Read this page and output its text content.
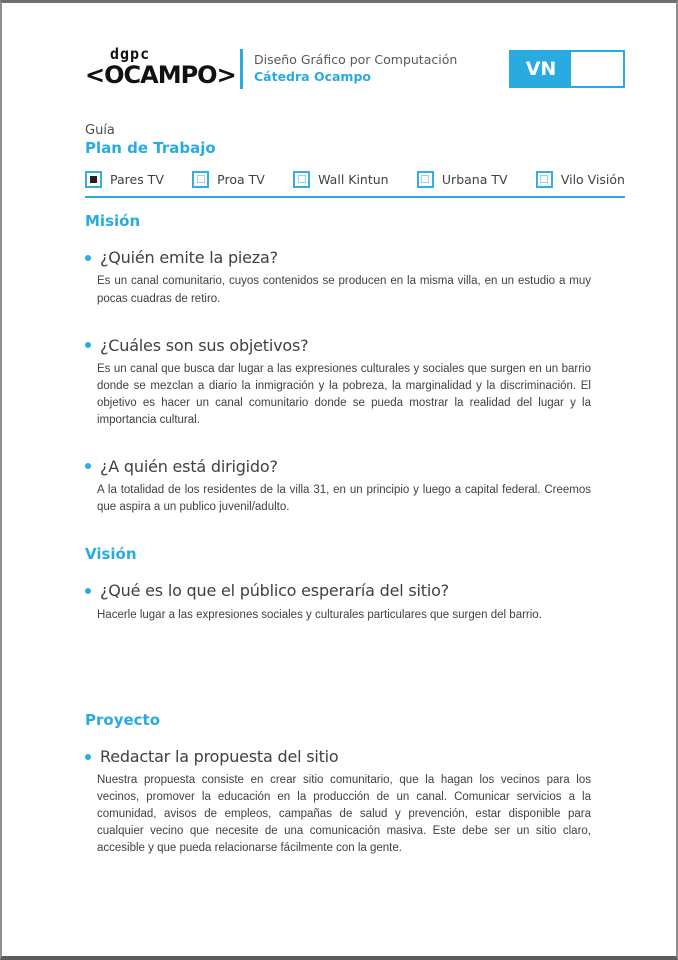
dgpc
<OCAMPO>
Diseño Gráfico por Computación
Cátedra Ocampo	VN
Guía
Plan de Trabajo
Pares TV	Proa TV	Wall Kintun	Urbana TV	Vilo Visión
Misión
¿Quién emite la pieza?

Es un canal comunitario, cuyos contenidos se producen en la misma villa, en un estudio a muy pocas cuadras de retiro.

¿Cuáles son sus objetivos?

Es un canal que busca dar lugar a las expresiones culturales y sociales que surgen en un barrio donde se mezclan a diario la inmigración y la pobreza, la marginalidad y la discriminación. El objetivo es hacer un canal comunitario donde se pueda mostrar la realidad del lugar y la importancia cultural.

¿A quién está dirigido?

A la totalidad de los residentes de la villa 31, en un principio y luego a capital federal. Creemos que aspira a un publico juvenil/adulto.

Visión
¿Qué es lo que el público esperaría del sitio?

Hacerle lugar a las expresiones sociales y culturales particulares que surgen del barrio.

Proyecto
Redactar la propuesta del sitio

Nuestra propuesta consiste en crear sitio comunitario, que la hagan los vecinos para los vecinos, promover la educación en la producción de un canal. Comunicar servicios a la comunidad, avisos de empleos, campañas de salud y prevención, estar disponible para cualquier vecino que necesite de una comunicación masiva. Este debe ser un sitio claro, accesible y que pueda relacionarse fácilmente con la gente.
